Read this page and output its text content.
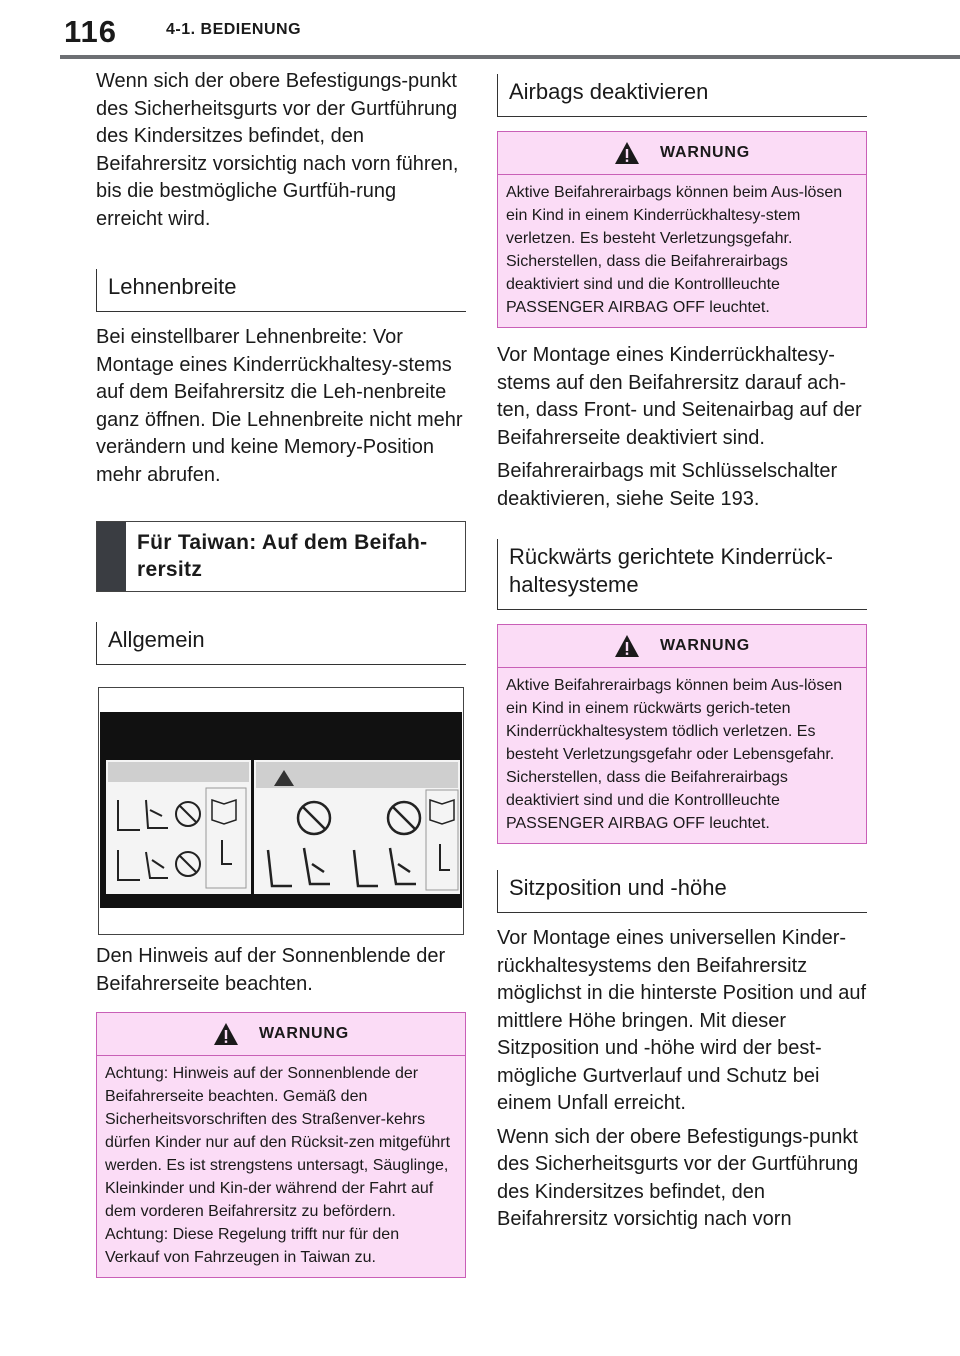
116	4-1. BEDIENUNG

Wenn sich der obere Befestigungs-punkt des Sicherheitsgurts vor der Gurtführung des Kindersitzes befindet, den Beifahrersitz vorsichtig nach vorn führen, bis die bestmögliche Gurtfüh-rung erreicht wird.

Lehnenbreite

Bei einstellbarer Lehnenbreite: Vor Montage eines Kinderrückhaltesy-stems auf dem Beifahrersitz die Leh-nenbreite ganz öffnen. Die Lehnenbreite nicht mehr verändern und keine Memory-Position mehr abrufen.

Für Taiwan: Auf dem Beifah-rersitz
Allgemein

Den Hinweis auf der Sonnenblende der Beifahrerseite beachten.

WARNUNG
Achtung: Hinweis auf der Sonnenblende der Beifahrerseite beachten. Gemäß den Sicherheitsvorschriften des Straßenver-kehrs dürfen Kinder nur auf den Rücksit-zen mitgeführt werden. Es ist strengstens untersagt, Säuglinge, Kleinkinder und Kin-der während der Fahrt auf dem vorderen Beifahrersitz zu befördern. Achtung: Diese Regelung trifft nur für den Verkauf von Fahrzeugen in Taiwan zu.
Airbags deaktivieren
WARNUNG
Aktive Beifahrerairbags können beim Aus-lösen ein Kind in einem Kinderrückhaltesy-stem verletzen. Es besteht Verletzungsgefahr. Sicherstellen, dass die Beifahrerairbags deaktiviert sind und die Kontrollleuchte PASSENGER AIRBAG OFF leuchtet.

Vor Montage eines Kinderrückhaltesy-stems auf den Beifahrersitz darauf ach-ten, dass Front- und Seitenairbag auf der Beifahrerseite deaktiviert sind.

Beifahrerairbags mit Schlüsselschalter deaktivieren, siehe Seite 193.

Rückwärts gerichtete Kinderrück-haltesysteme
WARNUNG
Aktive Beifahrerairbags können beim Aus-lösen ein Kind in einem rückwärts gerich-teten Kinderrückhaltesystem tödlich verletzen. Es besteht Verletzungsgefahr oder Lebensgefahr. Sicherstellen, dass die Beifahrerairbags deaktiviert sind und die Kontrollleuchte PASSENGER AIRBAG OFF leuchtet.
Sitzposition und -höhe

Vor Montage eines universellen Kinder-rückhaltesystems den Beifahrersitz möglichst in die hinterste Position und auf mittlere Höhe bringen. Mit dieser Sitzposition und -höhe wird der best-mögliche Gurtverlauf und Schutz bei einem Unfall erreicht.

Wenn sich der obere Befestigungs-punkt des Sicherheitsgurts vor der Gurtführung des Kindersitzes befindet, den Beifahrersitz vorsichtig nach vorn
